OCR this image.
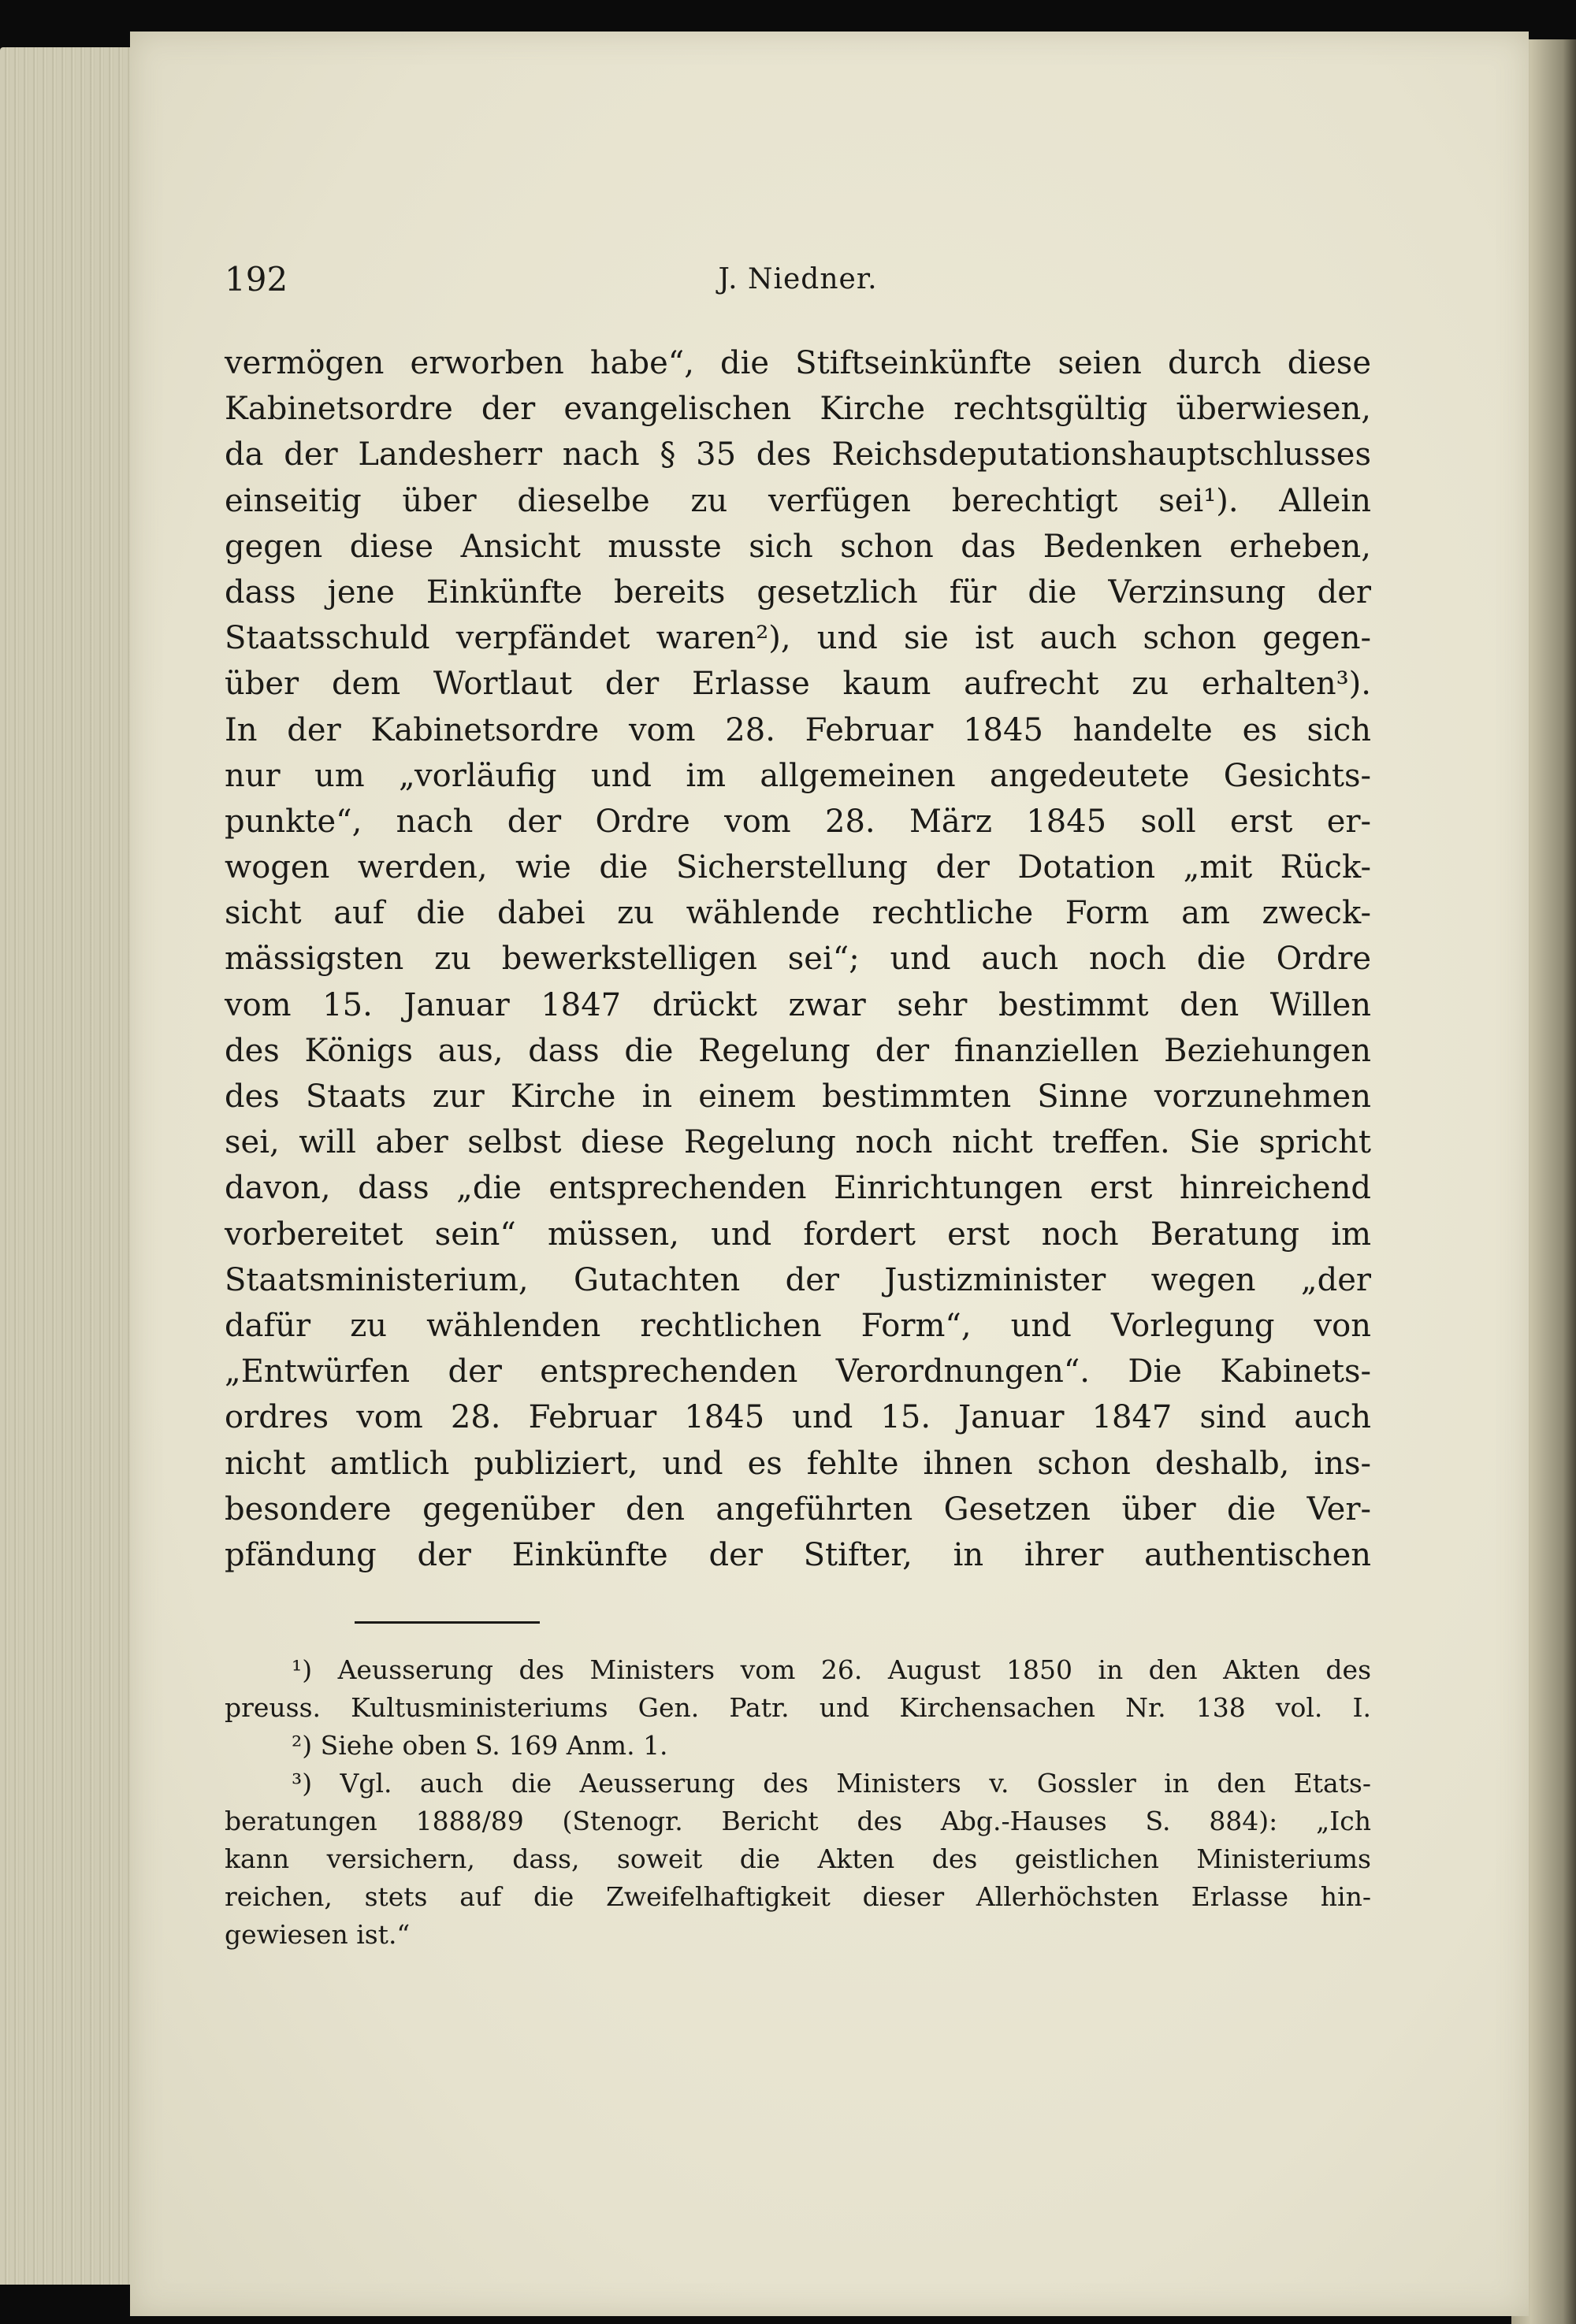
192	J. Niedner.
vermögen erworben habe“, die Stiftseinkünfte seien durch diese
Kabinetsordre der evangelischen Kirche rechtsgültig überwiesen,
da der Landesherr nach § 35 des Reichsdeputationshauptschlusses
einseitig über dieselbe zu verfügen berechtigt sei¹). Allein
gegen diese Ansicht musste sich schon das Bedenken erheben,
dass jene Einkünfte bereits gesetzlich für die Verzinsung der
Staatsschuld verpfändet waren²), und sie ist auch schon gegen-
über dem Wortlaut der Erlasse kaum aufrecht zu erhalten³).
In der Kabinetsordre vom 28. Februar 1845 handelte es sich
nur um „vorläufig und im allgemeinen angedeutete Gesichts-
punkte“, nach der Ordre vom 28. März 1845 soll erst er-
wogen werden, wie die Sicherstellung der Dotation „mit Rück-
sicht auf die dabei zu wählende rechtliche Form am zweck-
mässigsten zu bewerkstelligen sei“; und auch noch die Ordre
vom 15. Januar 1847 drückt zwar sehr bestimmt den Willen
des Königs aus, dass die Regelung der finanziellen Beziehungen
des Staats zur Kirche in einem bestimmten Sinne vorzunehmen
sei, will aber selbst diese Regelung noch nicht treffen. Sie spricht
davon, dass „die entsprechenden Einrichtungen erst hinreichend
vorbereitet sein“ müssen, und fordert erst noch Beratung im
Staatsministerium, Gutachten der Justizminister wegen „der
dafür zu wählenden rechtlichen Form“, und Vorlegung von
„Entwürfen der entsprechenden Verordnungen“. Die Kabinets-
ordres vom 28. Februar 1845 und 15. Januar 1847 sind auch
nicht amtlich publiziert, und es fehlte ihnen schon deshalb, ins-
besondere gegenüber den angeführten Gesetzen über die Ver-
pfändung der Einkünfte der Stifter, in ihrer authentischen
¹) Aeusserung des Ministers vom 26. August 1850 in den Akten des
preuss. Kultusministeriums Gen. Patr. und Kirchensachen Nr. 138 vol. I.
²) Siehe oben S. 169 Anm. 1.
³) Vgl. auch die Aeusserung des Ministers v. Gossler in den Etats-
beratungen 1888/89 (Stenogr. Bericht des Abg.-Hauses S. 884): „Ich
kann versichern, dass, soweit die Akten des geistlichen Ministeriums
reichen, stets auf die Zweifelhaftigkeit dieser Allerhöchsten Erlasse hin-
gewiesen ist.“
